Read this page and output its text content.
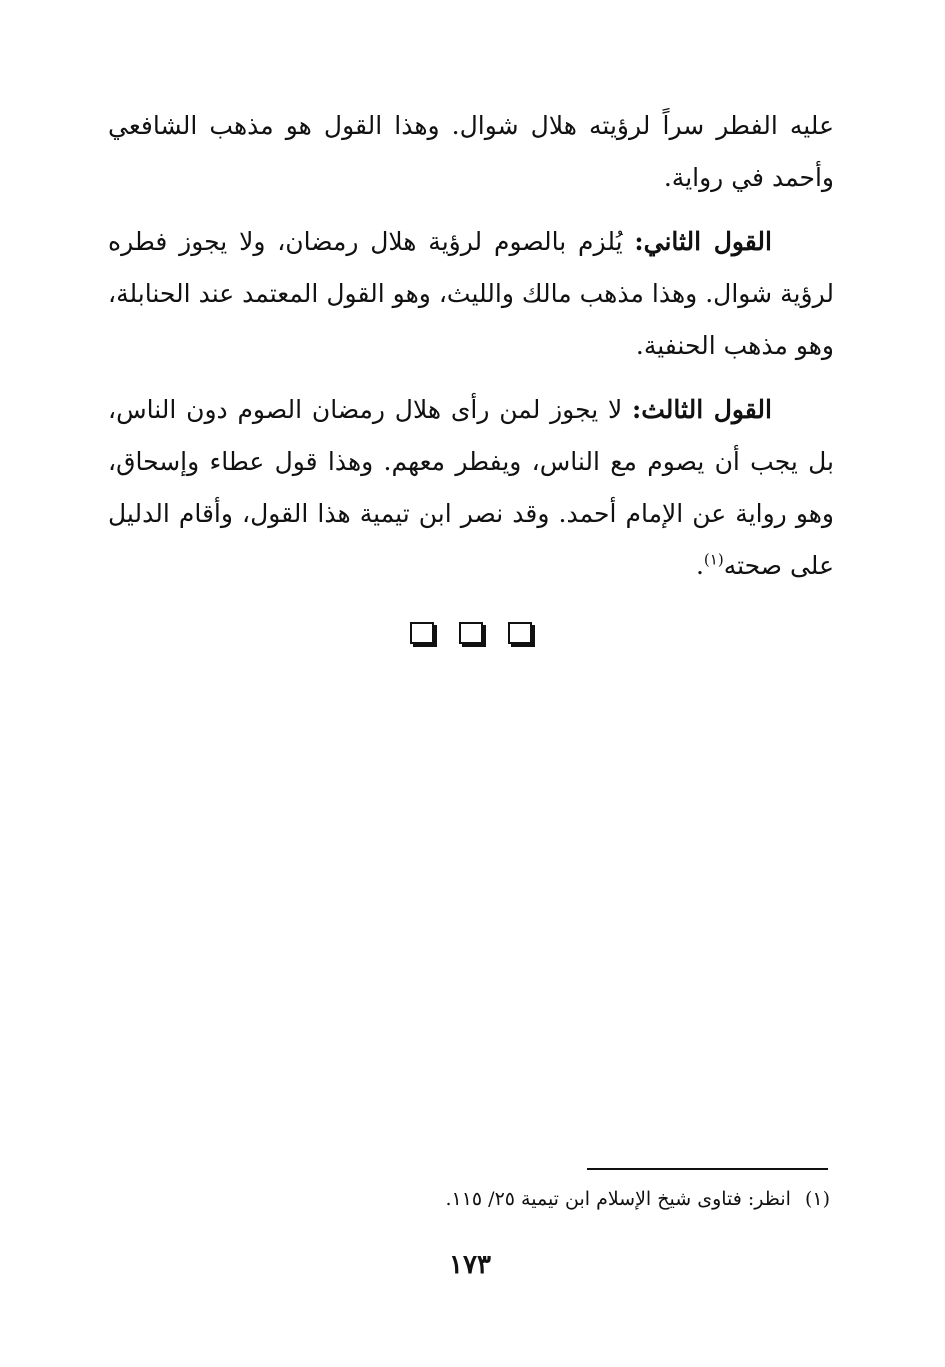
عليه الفطر سراً لرؤيته هلال شوال. وهذا القول هو مذهب الشافعي وأحمد في رواية.

القول الثاني: يُلزم بالصوم لرؤية هلال رمضان، ولا يجوز فطره لرؤية شوال. وهذا مذهب مالك والليث، وهو القول المعتمد عند الحنابلة، وهو مذهب الحنفية.

القول الثالث: لا يجوز لمن رأى هلال رمضان الصوم دون الناس، بل يجب أن يصوم مع الناس، ويفطر معهم. وهذا قول عطاء وإسحاق، وهو رواية عن الإمام أحمد. وقد نصر ابن تيمية هذا القول، وأقام الدليل على صحته$^{(١)}$.

(١)انظر: فتاوى شيخ الإسلام ابن تيمية ٢٥/ ١١٥.
١٧٣
